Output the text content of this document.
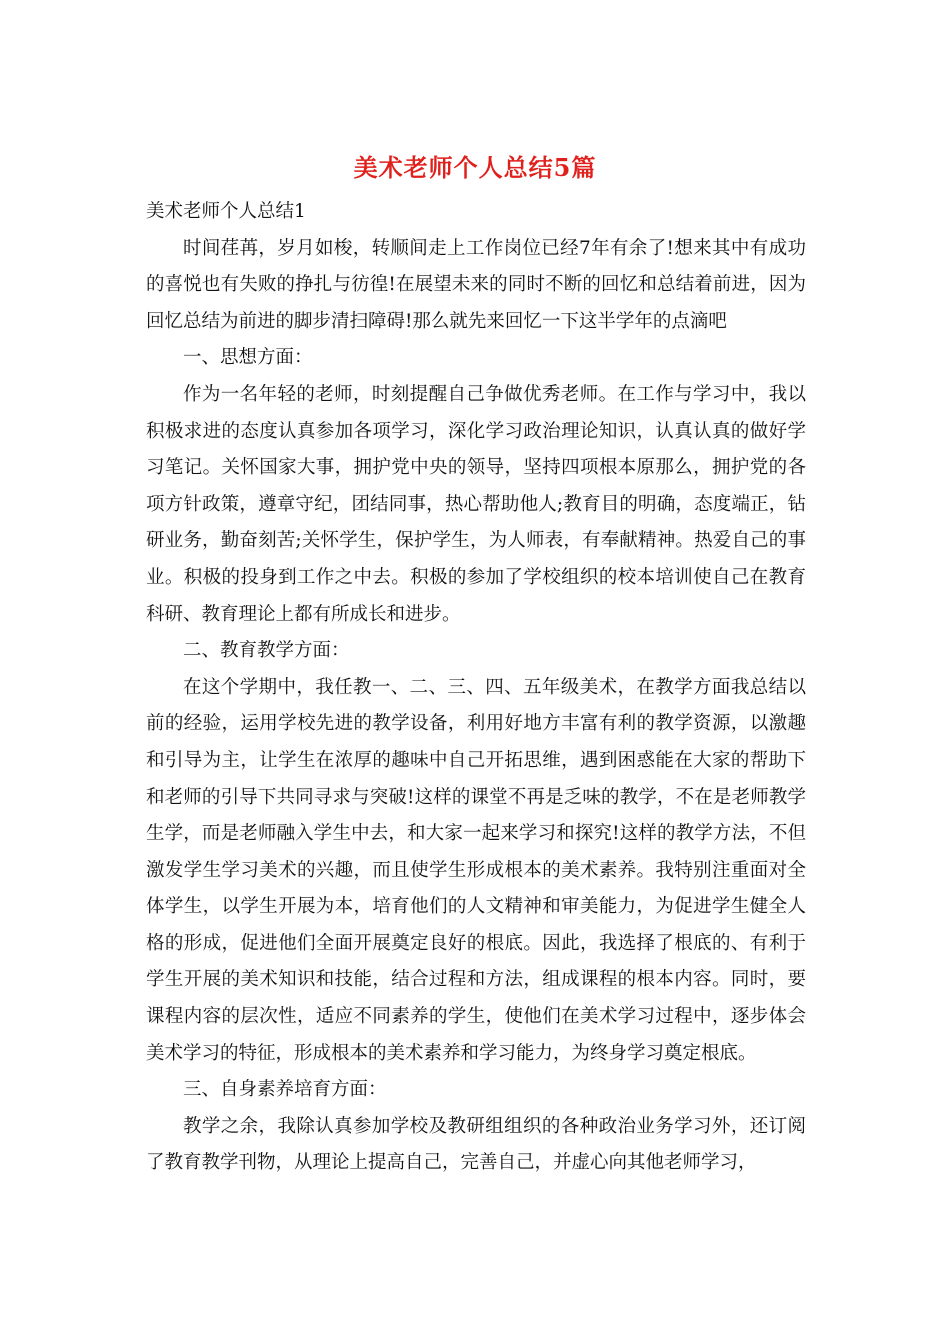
美术老师个人总结5篇

美术老师个人总结1

时间荏苒，岁月如梭，转顺间走上工作岗位已经7年有余了!想来其中有成功的喜悦也有失败的挣扎与彷徨!在展望未来的同时不断的回忆和总结着前进，因为回忆总结为前进的脚步清扫障碍!那么就先来回忆一下这半学年的点滴吧

一、思想方面：

作为一名年轻的老师，时刻提醒自己争做优秀老师。在工作与学习中，我以积极求进的态度认真参加各项学习，深化学习政治理论知识，认真认真的做好学习笔记。关怀国家大事，拥护党中央的领导，坚持四项根本原那么，拥护党的各项方针政策，遵章守纪，团结同事，热心帮助他人;教育目的明确，态度端正，钻研业务，勤奋刻苦;关怀学生，保护学生，为人师表，有奉献精神。热爱自己的事业。积极的投身到工作之中去。积极的参加了学校组织的校本培训使自己在教育科研、教育理论上都有所成长和进步。

二、教育教学方面：

在这个学期中，我任教一、二、三、四、五年级美术，在教学方面我总结以前的经验，运用学校先进的教学设备，利用好地方丰富有利的教学资源，以激趣和引导为主，让学生在浓厚的趣味中自己开拓思维，遇到困惑能在大家的帮助下和老师的引导下共同寻求与突破!这样的课堂不再是乏味的教学，不在是老师教学生学，而是老师融入学生中去，和大家一起来学习和探究!这样的教学方法，不但激发学生学习美术的兴趣，而且使学生形成根本的美术素养。我特别注重面对全体学生，以学生开展为本，培育他们的人文精神和审美能力，为促进学生健全人格的形成，促进他们全面开展奠定良好的根底。因此，我选择了根底的、有利于学生开展的美术知识和技能，结合过程和方法，组成课程的根本内容。同时，要课程内容的层次性，适应不同素养的学生，使他们在美术学习过程中，逐步体会美术学习的特征，形成根本的美术素养和学习能力，为终身学习奠定根底。

三、自身素养培育方面：

教学之余，我除认真参加学校及教研组组织的各种政治业务学习外，还订阅了教育教学刊物，从理论上提高自己，完善自己，并虚心向其他老师学习，
